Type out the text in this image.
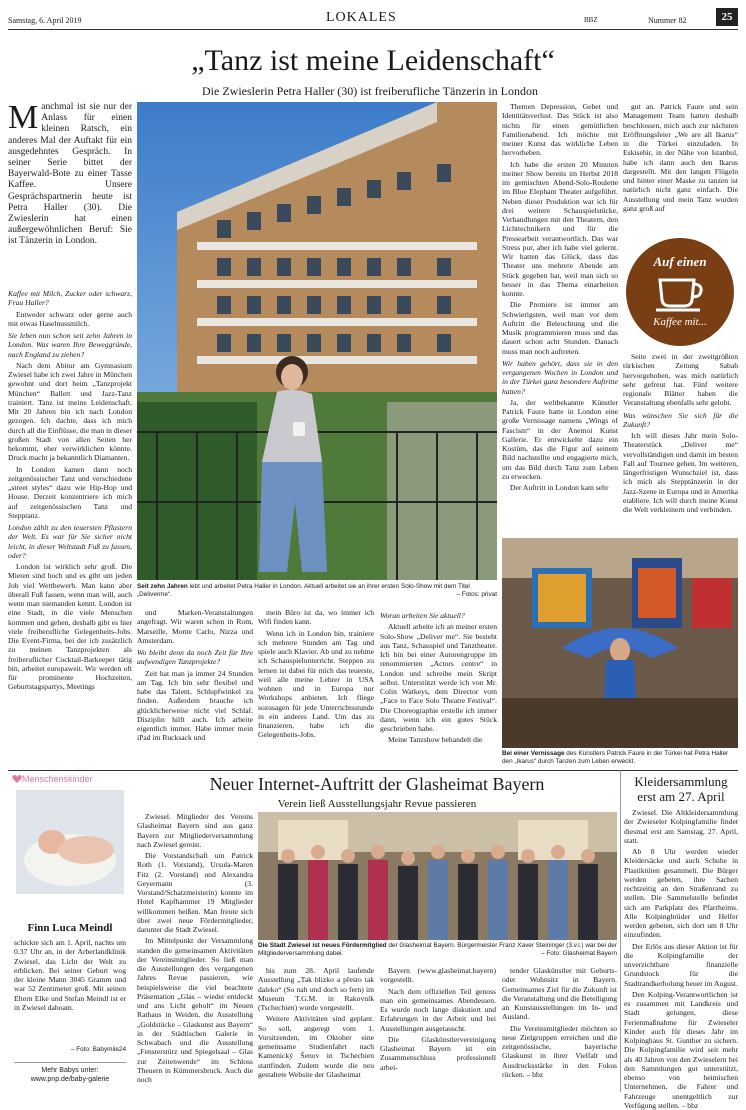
Samstag, 6. April 2019	LOKALES	BBZ	Nummer 82	25
„Tanz ist meine Leidenschaft“
Die Zwieslerin Petra Haller (30) ist freiberufliche Tänzerin in London
M anchmal ist sie nur der Anlass für einen kleinen Ratsch, ein anderes Mal der Auftakt für ein ausgedehntes Gespräch. In seiner Serie bittet der Bayerwald-Bote zu einer Tasse Kaffee. Unsere Gesprächspartnerin heute ist Petra Haller (30). Die Zwieslerin hat einen außergewöhnlichen Beruf: Sie ist Tänzerin in London.

Kaffee mit Milch, Zucker oder schwarz, Frau Haller?

Entweder schwarz oder gerne auch mit etwas Haselnussmilch.

Sie leben nun schon seit zehn Jahren in London. Was waren Ihre Beweggründe, nach England zu ziehen?

Nach dem Abitur am Gymnasium Zwiesel habe ich zwei Jahre in München gewohnt und dort beim „Tanzprojekt München“ Ballett und Jazz-Tanz trainiert. Tanz ist meine Leidenschaft. Mit 20 Jahren bin ich nach London gezogen. Ich dachte, dass ich mich durch all die Einflüsse, die man in dieser großen Stadt von allen Seiten her bekommt, eher verwirklichen könnte. Druck macht ja bekanntlich Diamanten.

In London kamen dann noch zeitgenössischer Tanz und verschiedene „street styles“ dazu wie Hip-Hop und House. Derzeit konzentriere ich mich auf zeitgenössischen Tanz und Stepptanz.

London zählt zu den teuersten Pflastern der Welt. Es war für Sie sicher nicht leicht, in dieser Weltstadt Fuß zu fassen, oder?

London ist wirklich sehr groß. Die Mieten sind hoch und es gibt um jeden Job viel Wettbewerb. Man kann aber überall Fuß fassen, wenn man will, auch wenn man niemanden kennt. London ist eine Stadt, in die viele Menschen kommen und gehen, deshalb gibt es hier viele freiberufliche Gelegenheits-Jobs. Die Event-Firma, bei der ich zusätzlich zu meinen Tanzprojekten als freiberuflicher Cocktail-Barkeeper tätig bin, arbeitet europaweit. Wir werden oft für prominente Hochzeiten, Geburtstagspartys, Meetings

Seit zehn Jahren lebt und arbeitet Petra Haller in London. Aktuell arbeitet sie an ihrer ersten Solo-Show mit dem Titel „Deliverme“.	– Fotos: privat

und Marken-Veranstaltungen angefragt. Wir waren schon in Rom, Marseille, Monte Carlo, Nizza und Amsterdam.

Wo bleibt denn da noch Zeit für Ihre aufwendigen Tanzprojekte?

Zeit hat man ja immer 24 Stunden am Tag. Ich bin sehr flexibel und habe das Talent, Schlupfwinkel zu finden. Außerdem brauche ich glücklicherweise nicht viel Schlaf. Disziplin hilft auch. Ich arbeite eigentlich immer. Habe immer mein iPad im Rucksack und

mein Büro ist da, wo immer ich Wifi finden kann.

Wenn ich in London bin, trainiere ich mehrere Stunden am Tag und spiele auch Klavier. Ab und zu nehme ich Schauspielunterricht. Steppen zu lernen ist dabei für mich das teuerste, weil alle meine Lehrer in USA wohnen und in Europa nur Workshops anbieten. Ich fliege sozusagen für jede Unterrichtsstunde in ein anderes Land. Um das zu finanzieren, habe ich die Gelegenheits-Jobs.

Woran arbeiten Sie aktuell?

Aktuell arbeite ich an meiner ersten Solo-Show „Deliver me“. Sie besteht aus Tanz, Schauspiel und Tanztheater. Ich bin bei einer Autorengruppe im renommierten „Actors centre“ in London und schreibe mein Skript selbst. Unterstützt werde ich von Mr. Colin Watkeys, dem Director vom „Face to Face Solo Theatre Festival“. Die Choreographie erstelle ich immer dann, wenn ich ein gutes Stück geschrieben habe.

Meine Tanzshow behandelt die

Themen Depression, Gebet und Identitätsverlust. Das Stück ist also nichts für einen gemütlichen Familienabend. Ich möchte mit meiner Kunst das wirkliche Leben hervorheben.

Ich habe die ersten 20 Minuten meiner Show bereits im Herbst 2018 im gemischten Abend-Solo-Roulette im Blue Elephant Theater aufgeführt. Neben dieser Produktion war ich für drei weitere Schauspielstücke, Verhandlungen mit den Theatern, den Lichttechnikern und für die Pressearbeit verantwortlich. Das war Stress pur, aber ich habe viel gelernt. Wir hatten das Glück, dass das Theater uns mehrere Abende am Stück gegeben hat, weil man sich so besser in das Thema einarbeiten konnte.

Die Premiere ist immer am Schwierigsten, weil man vor dem Auftritt die Beleuchtung und die Musik programmieren muss und das dauert schon acht Stunden. Danach muss man noch auftreten.

Wir haben gehört, dass sie in den vergangenen Wochen in London und in der Türkei ganz besondere Auftritte hatten?

Ja, der weltbekannte Künstler Patrick Faure hatte in London eine große Vernissage namens „Wings of Fascism“ in der Anemoi Kunst Gallerie. Er entwickelte dazu ein Kostüm, das die Figur auf seinem Bild nachstellte und engagierte mich, um das Bild durch Tanz zum Leben zu erwecken.

Der Auftritt in London kam sehr

gut an. Patrick Faure und sein Management Team hatten deshalb beschlossen, mich auch zur nächsten Eröffnungsfeier „We are all Ikarus“ in die Türkei einzuladen. In Eskisehir, in der Nähe von Istanbul, habe ich dann auch den Ikarus dargestellt. Mit den langen Flügeln und hinter einer Maske zu tanzen ist natürlich nicht ganz einfach. Die Ausstellung und mein Tanz wurden ganz groß auf

Auf einen
Kaffee mit...

Seite zwei in der zweitgrößten türkischen Zeitung Sabah hervorgehoben, was mich natürlich sehr gefreut hat. Fünf weitere regionale Blätter haben die Veranstaltung ebenfalls sehr gelobt.

Was wünschen Sie sich für die Zukunft?

Ich will dieses Jahr mein Solo-Theaterstück „Deliver me“ vervollständigen und damit im besten Fall auf Tournee gehen. Im weiteren, längerfristigen Wunschziel ist, dass ich mich als Stepptänzerin in der Jazz-Szene in Europa und in Amerika etabliere. Ich will durch meine Kunst die Welt verkleinern und verbinden.

Bei einer Vernissage des Künstlers Patrick Faure in der Türkei hat Petra Haller den „Ikarus“ durch Tanzen zum Leben erweckt.
Menschenskinder
Finn Luca Meindl
schickte sich am 1. April, nachts um 0.37 Uhr an, in der Arberlandklinik Zwiesel, das Licht der Welt zu erblicken. Bei seiner Geburt wog der kleine Mann 3045 Gramm und war 52 Zentimeter groß. Mit seinen Eltern Elke und Stefan Meindl ist er in Zwiesel dahoam.
– Foto: Babymile24
Mehr Babys unter: www.pnp.de/baby-galerie
Neuer Internet-Auftritt der Glasheimat Bayern
Verein ließ Ausstellungsjahr Revue passieren

Zwiesel. Mitglieder des Vereins Glasheimat Bayern sind aus ganz Bayern zur Mitgliederversammlung nach Zwiesel gereist.

Die Vorstandschaft um Patrick Roth (1. Vorstand), Ursula-Maren Fitz (2. Vorstand) und Alexandra Geyermann (3. Vorstand/Schatzmeisterin) konnte im Hotel Kapfhammer 19 Mitglieder willkommen heißen. Man freute sich über zwei neue Fördermitglieder, darunter die Stadt Zwiesel.

Im Mittelpunkt der Versammlung standen die gemeinsamen Aktivitäten der Vereinsmitglieder. So ließ man die Ausstellungen des vergangenen Jahres Revue passieren, wie beispielsweise die viel beachtete Präsentation „Glas – wieder entdeckt und ans Licht geholt“ im Neuen Rathaus in Weiden, die Ausstellung „Goldstücke – Glaskunst aus Bayern“ in der Städtischen Galerie in Schwabach und die Ausstellung „Fensterstürz und Spiegelsaal – Glas zur Zeitenwende“ im Schloss Theuern in Kümmersbruck. Auch die noch

Die Stadt Zwiesel ist neues Fördermitglied der Glasheimat Bayern. Bürgermeister Franz Xaver Steininger (3.v.l.) war bei der Mitgliederversammlung dabei.	– Foto: Glasheimat Bayern

bis zum 28. April laufende Ausstellung „Tak blizko a přesto tak daleko“ (So nah und doch so fern) im Museum T.G.M. in Rakovník (Tschechien) wurde vorgestellt.

Weitere Aktivitäten sind geplant. So soll, angeregt vom 1. Vorsitzenden, im Oktober eine gemeinsame Studienfahrt nach Kamenický Šenov in Tschechien stattfinden. Zudem wurde die neu gestaltete Website der Glasheimat

Bayern (www.glasheimat.bayern) vorgestellt.

Nach dem offiziellen Teil genoss man ein gemeinsames Abendessen. Es wurde noch lange diskutiert und Erfahrungen in der Arbeit und bei Ausstellungen ausgetauscht.

Die Glaskünstlervereinigung Glasheimat Bayern ist ein Zusammenschluss professionell arbei-

tender Glaskünstler mit Geburts- oder Wohnsitz in Bayern. Gemeinsames Ziel für die Zukunft ist die Veranstaltung und die Beteiligung an Kunstausstellungen im In- und Ausland.

Die Vereinsmitglieder möchten so neue Zielgruppen erreichen und die zeitgenössische, bayerische Glaskunst in ihrer Vielfalt und Ausdrucksstärke in den Fokus rücken. – bbz

Kleidersammlung erst am 27. April

Zwiesel. Die Altkleidersammlung der Zwieseler Kolpingfamilie findet diesmal erst am Samstag, 27. April, statt.

Ab 8 Uhr werden wieder Kleidersäcke und auch Schuhe in Plastiktüten gesammelt. Die Bürger werden gebeten, ihre Sachen rechtzeitig an den Straßenrand zu stellen. Die Sammelstelle befindet sich am Parkplatz des Pfarrheims. Alle Kolpingbrüder und Helfer werden gebeten, sich dort um 8 Uhr einzufinden.

Der Erlös aus dieser Aktion ist für die Kolpingfamilie der unverzichtbare finanzielle Grundstock für die Stadtrandkerholung heuer im August.

Den Kolping-Verantwortlichen ist es zusammen mit Landkreis und Stadt gelungen, diese Ferienmaßnahme für Zwieseler Kinder auch für dieses Jahr im Kolpinghaus St. Gunther zu sichern. Die Kolpingfamilie wird seit mehr als 40 Jahren von den Zwieselern bei den Sammlungen gut unterstützt, ebenso von heimischen Unternehmen, die Fahrer und Fahrzeuge unentgeltlich zur Verfügung stellen. – bbz
